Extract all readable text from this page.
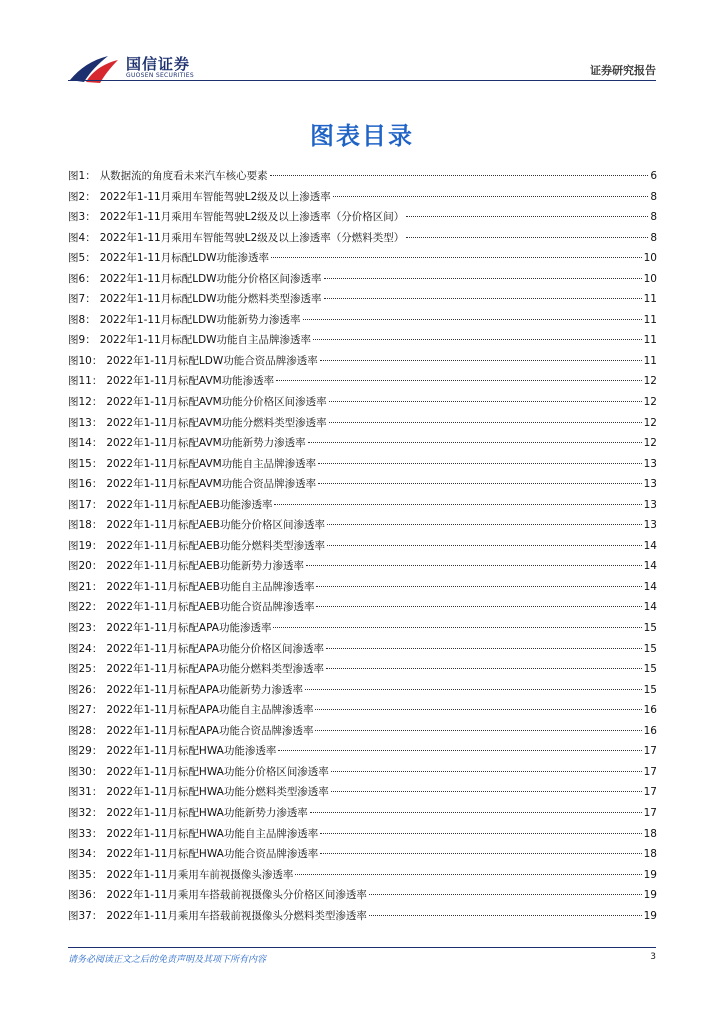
国信证券
GUOSEN SECURITIES	证券研究报告
图表目录
图1 ： 从数据流的角度看未来汽车核心要素	6
图2 ： 2022年1-11月乘用车智能驾驶L2级及以上渗透率	8
图3 ： 2022年1-11月乘用车智能驾驶L2级及以上渗透率（分价格区间）	8
图4 ： 2022年1-11月乘用车智能驾驶L2级及以上渗透率（分燃料类型）	8
图5 ： 2022年1-11月标配LDW功能渗透率	10
图6 ： 2022年1-11月标配LDW功能分价格区间渗透率	10
图7 ： 2022年1-11月标配LDW功能分燃料类型渗透率	11
图8 ： 2022年1-11月标配LDW功能新势力渗透率	11
图9 ： 2022年1-11月标配LDW功能自主品牌渗透率	11
图10 ： 2022年1-11月标配LDW功能合资品牌渗透率	11
图11 ： 2022年1-11月标配AVM功能渗透率	12
图12 ： 2022年1-11月标配AVM功能分价格区间渗透率	12
图13 ： 2022年1-11月标配AVM功能分燃料类型渗透率	12
图14 ： 2022年1-11月标配AVM功能新势力渗透率	12
图15 ： 2022年1-11月标配AVM功能自主品牌渗透率	13
图16 ： 2022年1-11月标配AVM功能合资品牌渗透率	13
图17 ： 2022年1-11月标配AEB功能渗透率	13
图18 ： 2022年1-11月标配AEB功能分价格区间渗透率	13
图19 ： 2022年1-11月标配AEB功能分燃料类型渗透率	14
图20 ： 2022年1-11月标配AEB功能新势力渗透率	14
图21 ： 2022年1-11月标配AEB功能自主品牌渗透率	14
图22 ： 2022年1-11月标配AEB功能合资品牌渗透率	14
图23 ： 2022年1-11月标配APA功能渗透率	15
图24 ： 2022年1-11月标配APA功能分价格区间渗透率	15
图25 ： 2022年1-11月标配APA功能分燃料类型渗透率	15
图26 ： 2022年1-11月标配APA功能新势力渗透率	15
图27 ： 2022年1-11月标配APA功能自主品牌渗透率	16
图28 ： 2022年1-11月标配APA功能合资品牌渗透率	16
图29 ： 2022年1-11月标配HWA功能渗透率	17
图30 ： 2022年1-11月标配HWA功能分价格区间渗透率	17
图31 ： 2022年1-11月标配HWA功能分燃料类型渗透率	17
图32 ： 2022年1-11月标配HWA功能新势力渗透率	17
图33 ： 2022年1-11月标配HWA功能自主品牌渗透率	18
图34 ： 2022年1-11月标配HWA功能合资品牌渗透率	18
图35 ： 2022年1-11月乘用车前视摄像头渗透率	19
图36 ： 2022年1-11月乘用车搭载前视摄像头分价格区间渗透率	19
图37 ： 2022年1-11月乘用车搭载前视摄像头分燃料类型渗透率	19
请务必阅读正文之后的免责声明及其项下所有内容	3
